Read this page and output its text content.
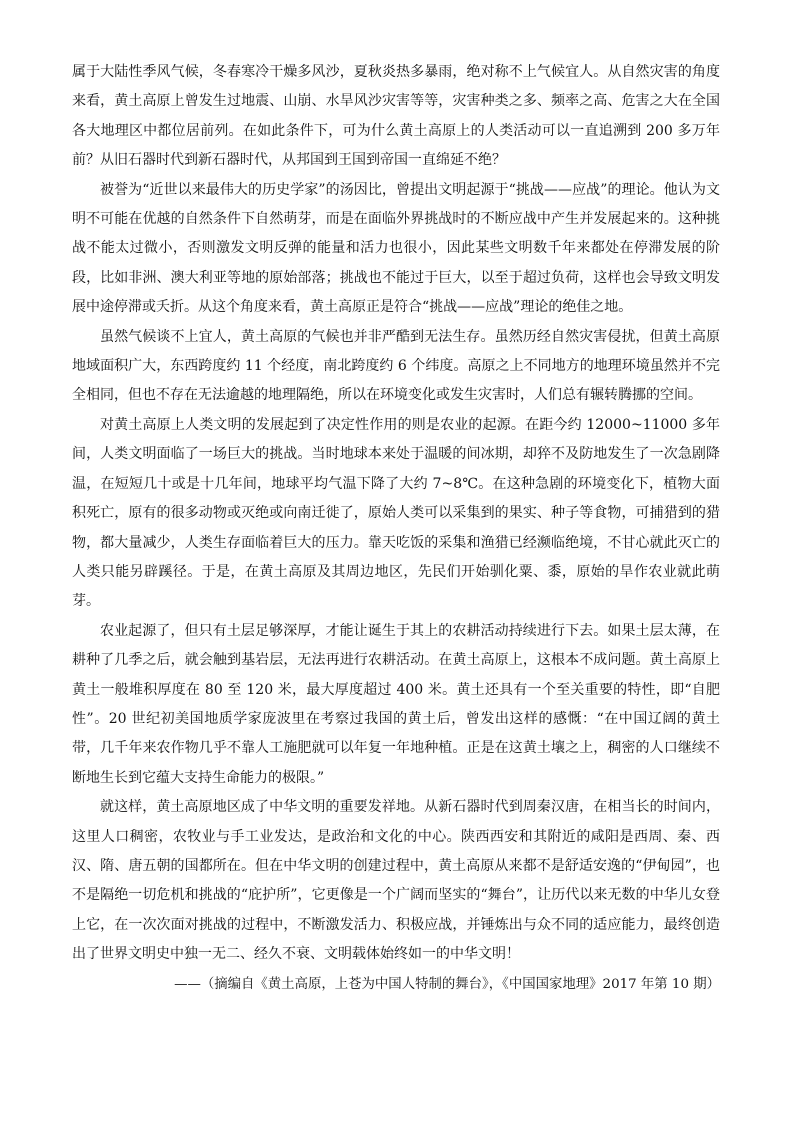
属于大陆性季风气候，冬春寒冷干燥多风沙，夏秋炎热多暴雨，绝对称不上气候宜人。从自然灾害的角度来看，黄土高原上曾发生过地震、山崩、水旱风沙灾害等等，灾害种类之多、频率之高、危害之大在全国各大地理区中都位居前列。在如此条件下，可为什么黄土高原上的人类活动可以一直追溯到 200 多万年前？从旧石器时代到新石器时代，从邦国到王国到帝国一直绵延不绝？

被誉为“近世以来最伟大的历史学家”的汤因比，曾提出文明起源于“挑战——应战”的理论。他认为文明不可能在优越的自然条件下自然萌芽，而是在面临外界挑战时的不断应战中产生并发展起来的。这种挑战不能太过微小，否则激发文明反弹的能量和活力也很小，因此某些文明数千年来都处在停滞发展的阶段，比如非洲、澳大利亚等地的原始部落；挑战也不能过于巨大，以至于超过负荷，这样也会导致文明发展中途停滞或夭折。从这个角度来看，黄土高原正是符合“挑战——应战”理论的绝佳之地。

虽然气候谈不上宜人，黄土高原的气候也并非严酷到无法生存。虽然历经自然灾害侵扰，但黄土高原地域面积广大，东西跨度约 11 个经度，南北跨度约 6 个纬度。高原之上不同地方的地理环境虽然并不完全相同，但也不存在无法逾越的地理隔绝，所以在环境变化或发生灾害时，人们总有辗转腾挪的空间。

对黄土高原上人类文明的发展起到了决定性作用的则是农业的起源。在距今约 12000~11000 多年间，人类文明面临了一场巨大的挑战。当时地球本来处于温暖的间冰期，却猝不及防地发生了一次急剧降温，在短短几十或是十几年间，地球平均气温下降了大约 7~8℃。在这种急剧的环境变化下，植物大面积死亡，原有的很多动物或灭绝或向南迁徙了，原始人类可以采集到的果实、种子等食物，可捕猎到的猎物，都大量减少，人类生存面临着巨大的压力。靠天吃饭的采集和渔猎已经濒临绝境，不甘心就此灭亡的人类只能另辟蹊径。于是，在黄土高原及其周边地区，先民们开始驯化粟、黍，原始的旱作农业就此萌芽。

农业起源了，但只有土层足够深厚，才能让诞生于其上的农耕活动持续进行下去。如果土层太薄，在耕种了几季之后，就会触到基岩层，无法再进行农耕活动。在黄土高原上，这根本不成问题。黄土高原上黄土一般堆积厚度在 80 至 120 米，最大厚度超过 400 米。黄土还具有一个至关重要的特性，即“自肥性”。20 世纪初美国地质学家庞波里在考察过我国的黄土后，曾发出这样的感慨：“在中国辽阔的黄土带，几千年来农作物几乎不靠人工施肥就可以年复一年地种植。正是在这黄土壤之上，稠密的人口继续不断地生长到它蕴大支持生命能力的极限。”

就这样，黄土高原地区成了中华文明的重要发祥地。从新石器时代到周秦汉唐，在相当长的时间内，这里人口稠密，农牧业与手工业发达，是政治和文化的中心。陕西西安和其附近的咸阳是西周、秦、西汉、隋、唐五朝的国都所在。但在中华文明的创建过程中，黄土高原从来都不是舒适安逸的“伊甸园”，也不是隔绝一切危机和挑战的“庇护所”，它更像是一个广阔而坚实的“舞台”，让历代以来无数的中华儿女登上它，在一次次面对挑战的过程中，不断激发活力、积极应战，并锤炼出与众不同的适应能力，最终创造出了世界文明史中独一无二、经久不衰、文明载体始终如一的中华文明！

——（摘编自《黄土高原，上苍为中国人特制的舞台》，《中国国家地理》2017 年第 10 期）
